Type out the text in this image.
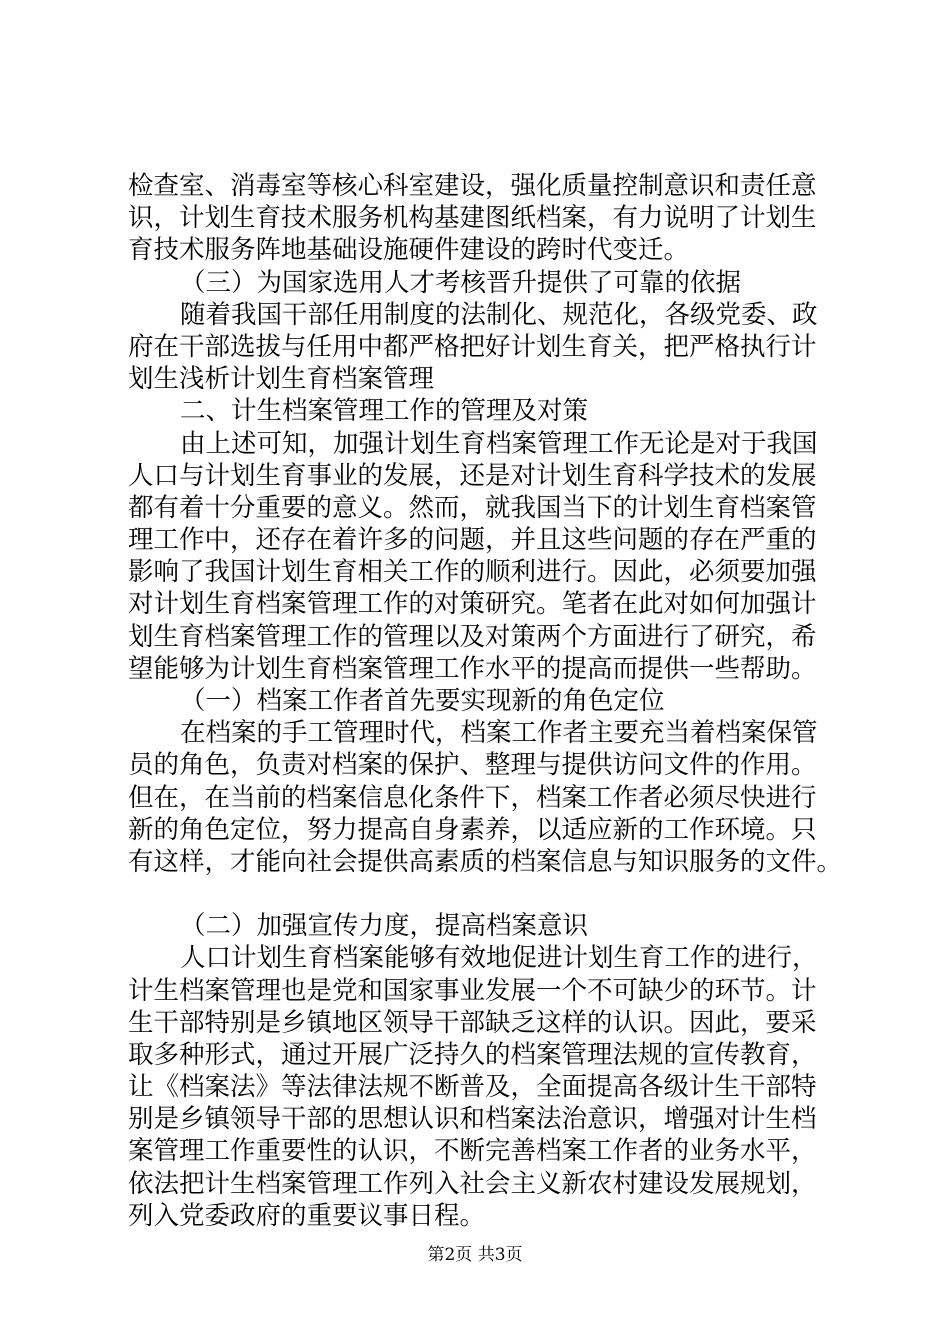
检查室、消毒室等核心科室建设，强化质量控制意识和责任意
识，计划生育技术服务机构基建图纸档案，有力说明了计划生
育技术服务阵地基础设施硬件建设的跨时代变迁。
（三）为国家选用人才考核晋升提供了可靠的依据
随着我国干部任用制度的法制化、规范化，各级党委、政
府在干部选拔与任用中都严格把好计划生育关，把严格执行计
划生浅析计划生育档案管理
二、计生档案管理工作的管理及对策
由上述可知，加强计划生育档案管理工作无论是对于我国
人口与计划生育事业的发展，还是对计划生育科学技术的发展
都有着十分重要的意义。然而，就我国当下的计划生育档案管
理工作中，还存在着许多的问题，并且这些问题的存在严重的
影响了我国计划生育相关工作的顺利进行。因此，必须要加强
对计划生育档案管理工作的对策研究。笔者在此对如何加强计
划生育档案管理工作的管理以及对策两个方面进行了研究，希
望能够为计划生育档案管理工作水平的提高而提供一些帮助。
（一）档案工作者首先要实现新的角色定位
在档案的手工管理时代，档案工作者主要充当着档案保管
员的角色，负责对档案的保护、整理与提供访问文件的作用。
但在，在当前的档案信息化条件下，档案工作者必须尽快进行
新的角色定位，努力提高自身素养，以适应新的工作环境。只
有这样，才能向社会提供高素质的档案信息与知识服务的文件。
（二）加强宣传力度，提高档案意识
人口计划生育档案能够有效地促进计划生育工作的进行，
计生档案管理也是党和国家事业发展一个不可缺少的环节。计
生干部特别是乡镇地区领导干部缺乏这样的认识。因此，要采
取多种形式，通过开展广泛持久的档案管理法规的宣传教育，
让《档案法》等法律法规不断普及，全面提高各级计生干部特
别是乡镇领导干部的思想认识和档案法治意识，增强对计生档
案管理工作重要性的认识，不断完善档案工作者的业务水平，
依法把计生档案管理工作列入社会主义新农村建设发展规划，
列入党委政府的重要议事日程。
第2页 共3页
